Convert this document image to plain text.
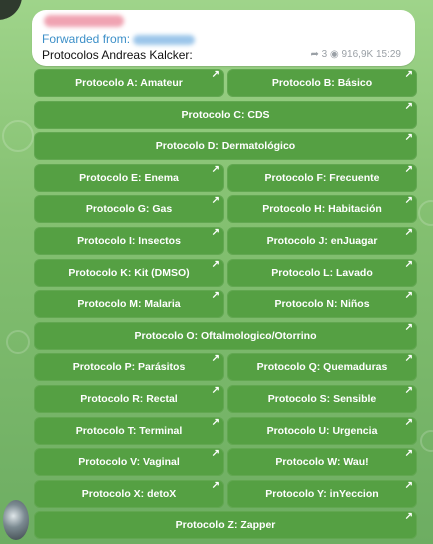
Forwarded from:
Protocolos Andreas Kalcker:	➦ 3 ◉ 916,9K 15:29
Protocolo A: Amateur
↗
Protocolo B: Básico
↗
Protocolo C: CDS
↗
Protocolo D: Dermatológico
↗
Protocolo E: Enema
↗
Protocolo F: Frecuente
↗
Protocolo G: Gas
↗
Protocolo H: Habitación
↗
Protocolo I: Insectos
↗
Protocolo J: enJuagar
↗
Protocolo K: Kit (DMSO)
↗
Protocolo L: Lavado
↗
Protocolo M: Malaria
↗
Protocolo N: Niños
↗
Protocolo O: Oftalmologico/Otorrino
↗
Protocolo P: Parásitos
↗
Protocolo Q: Quemaduras
↗
Protocolo R: Rectal
↗
Protocolo S: Sensible
↗
Protocolo T: Terminal
↗
Protocolo U: Urgencia
↗
Protocolo V: Vaginal
↗
Protocolo W: Wau!
↗
Protocolo X: detoX
↗
Protocolo Y: inYeccion
↗
Protocolo Z: Zapper
↗
